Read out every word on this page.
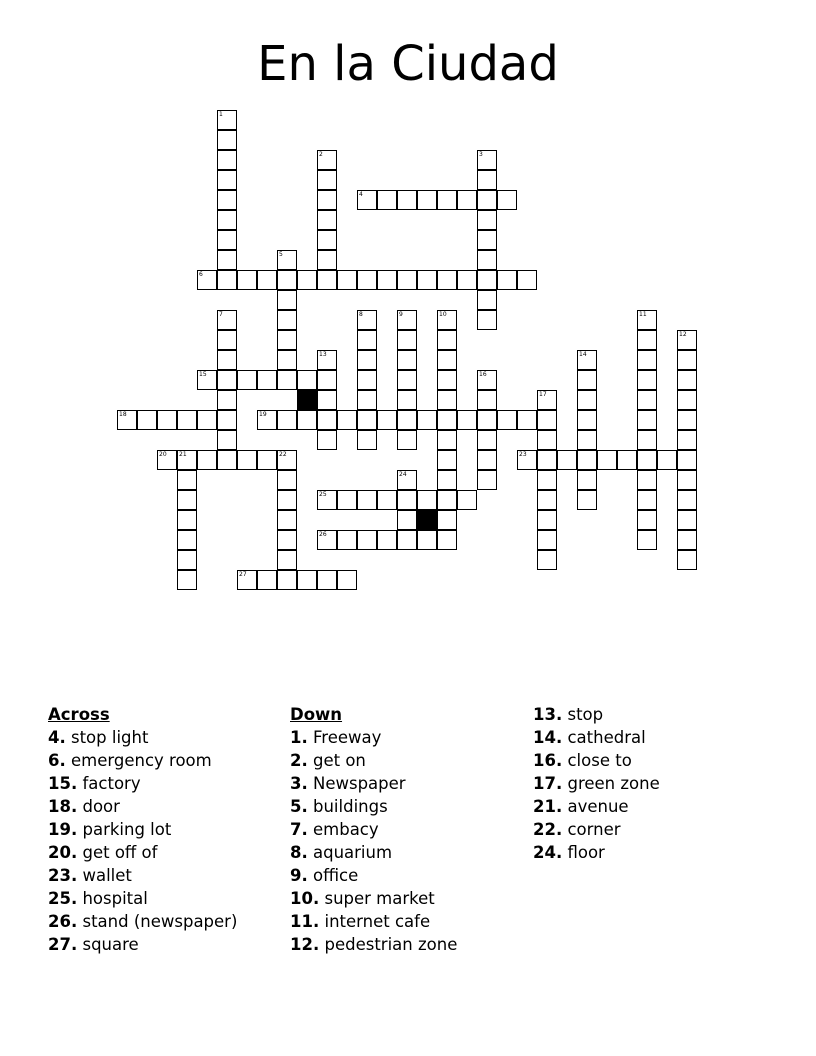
En la Ciudad
1
2	3
4
5
6
7	8	9	10	11
12
13	14
15	16
17
18	19
20 21	22	23
24
25
26
27
Across
4. stop light
6. emergency room
15. factory
18. door
19. parking lot
20. get off of
23. wallet
25. hospital
26. stand (newspaper)
27. square
Down
1. Freeway
2. get on
3. Newspaper
5. buildings
7. embacy
8. aquarium
9. office
10. super market
11. internet cafe
12. pedestrian zone
13. stop
14. cathedral
16. close to
17. green zone
21. avenue
22. corner
24. floor
